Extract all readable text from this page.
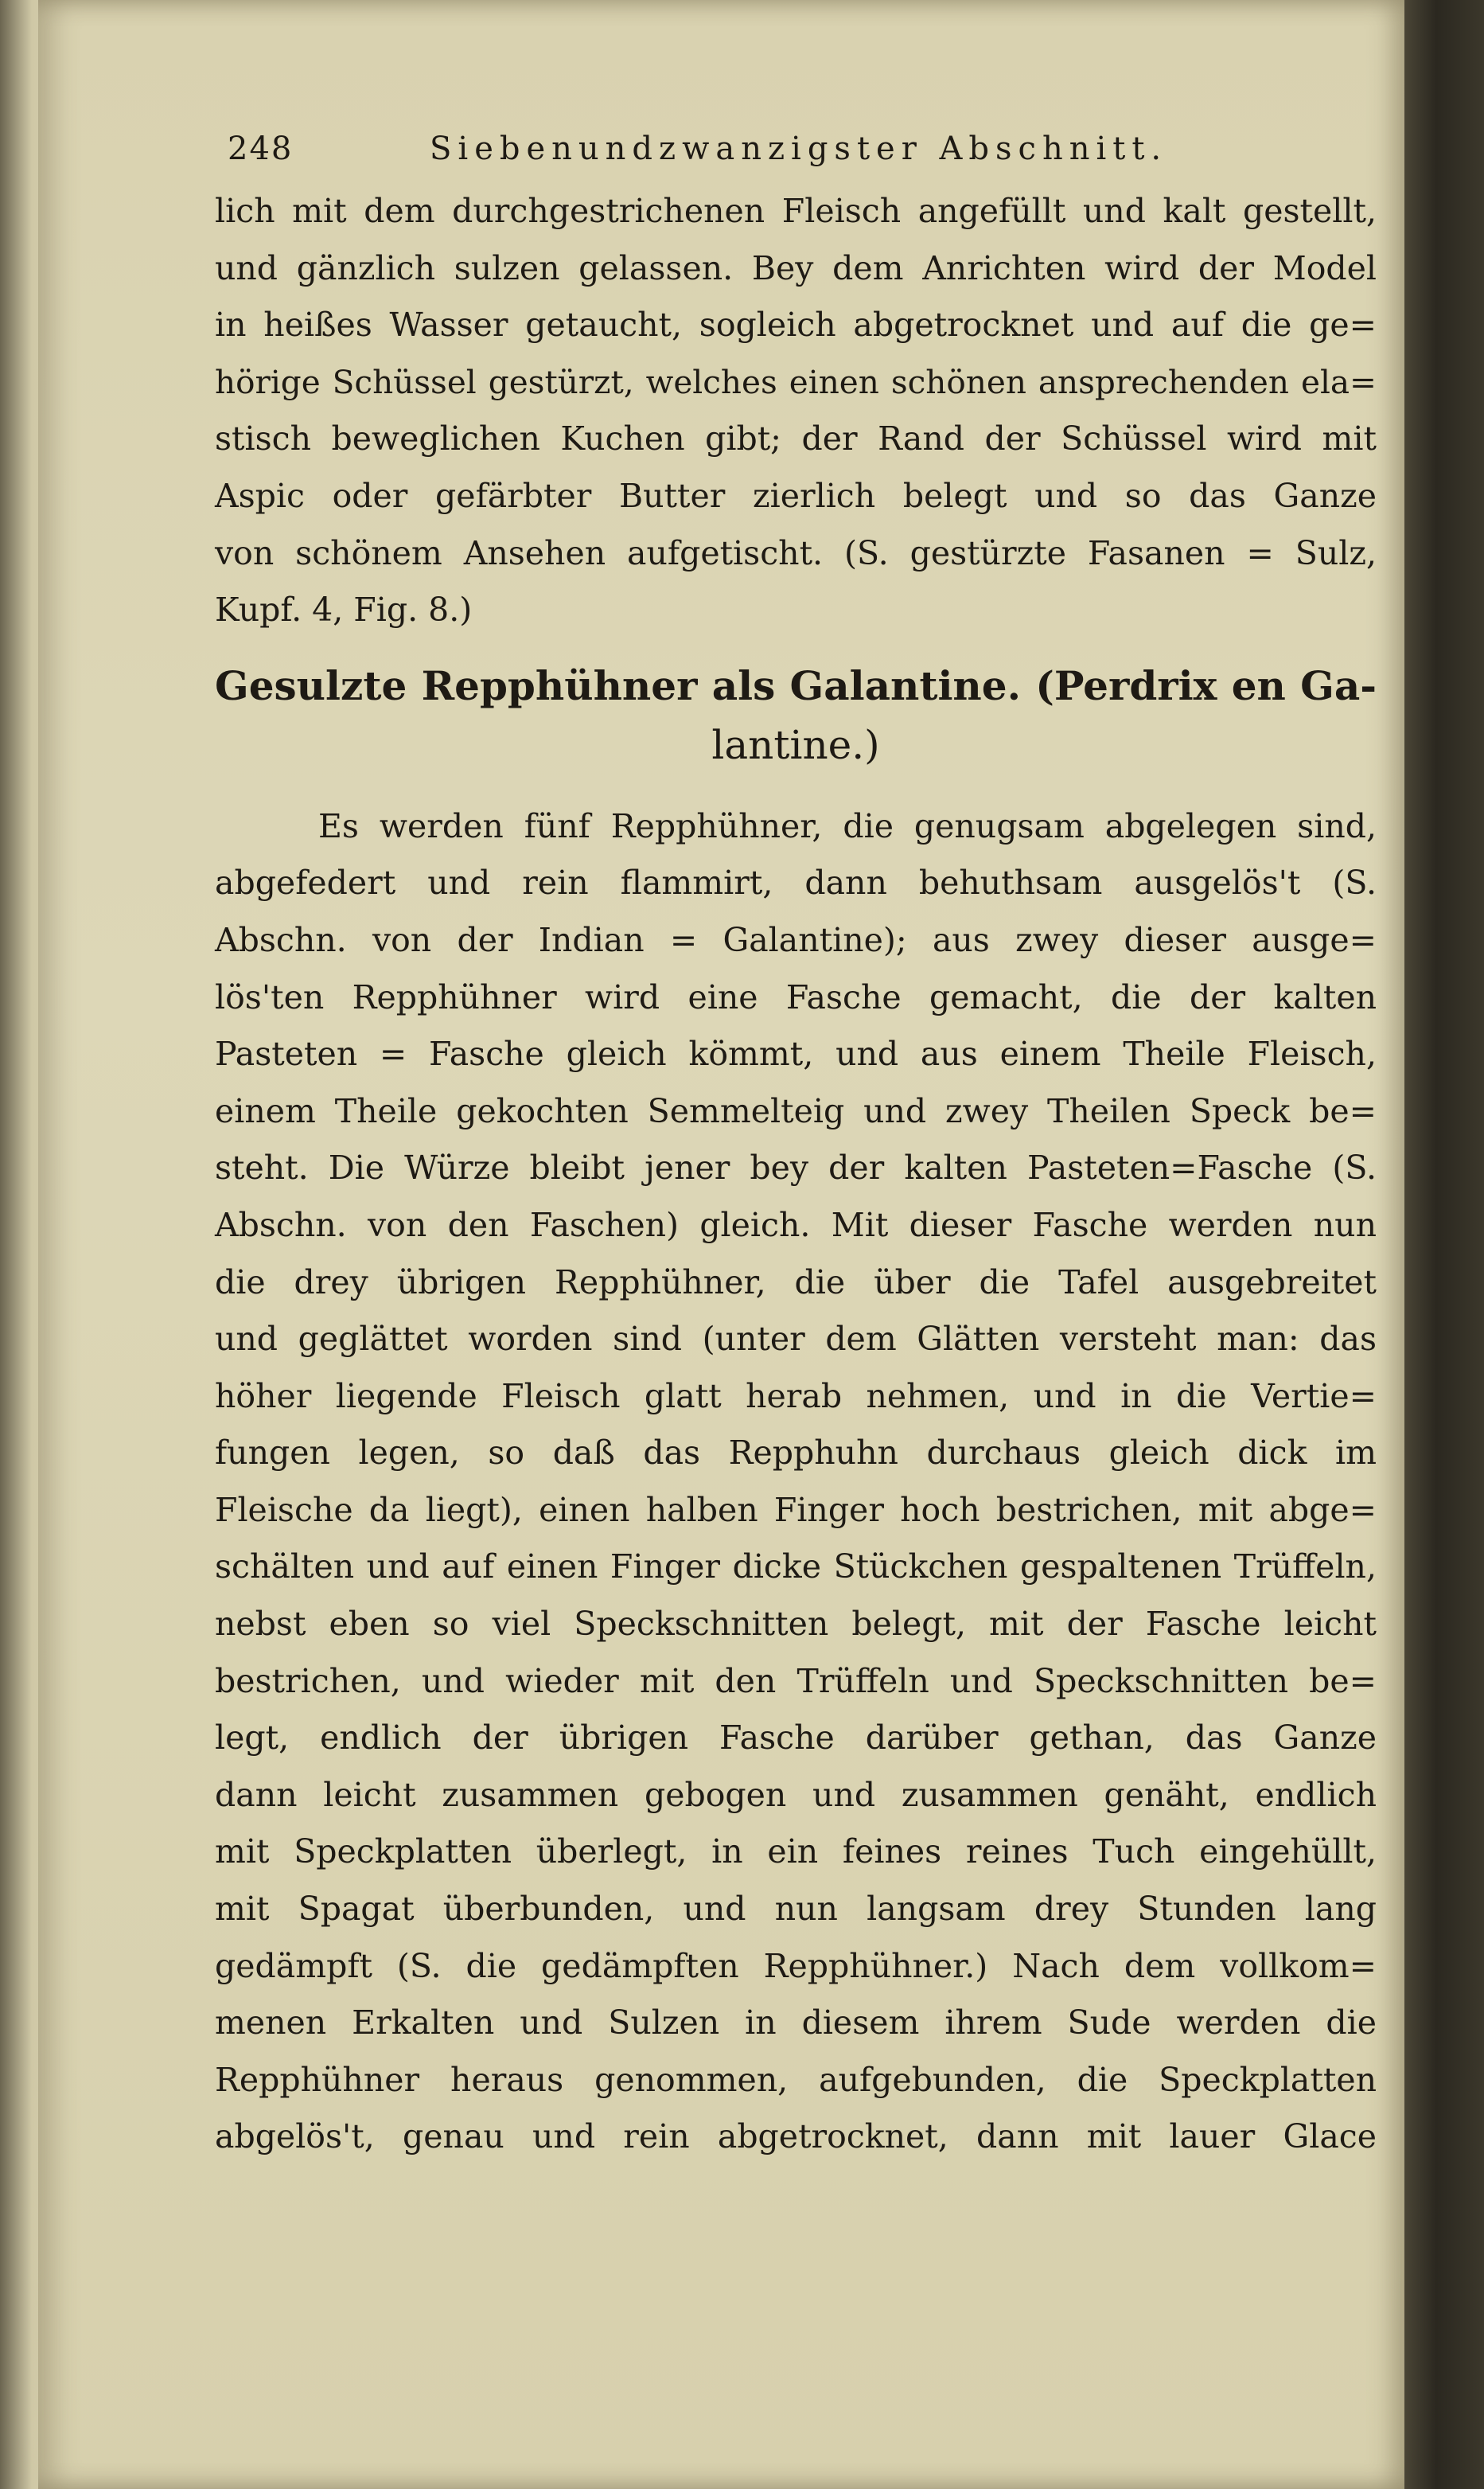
248	Siebenundzwanzigster Abschnitt.
lich mit dem durchgestrichenen Fleisch angefüllt und kalt gestellt,
und gänzlich sulzen gelassen. Bey dem Anrichten wird der Model
in heißes Wasser getaucht, sogleich abgetrocknet und auf die ge=
hörige Schüssel gestürzt, welches einen schönen ansprechenden ela=
stisch beweglichen Kuchen gibt; der Rand der Schüssel wird mit
Aspic oder gefärbter Butter zierlich belegt und so das Ganze
von schönem Ansehen aufgetischt. (S. gestürzte Fasanen = Sulz,
Kupf. 4, Fig. 8.)
Gesulzte Repphühner als Galantine. (Perdrix en Ga-
lantine.)
Es werden fünf Repphühner, die genugsam abgelegen sind,
abgefedert und rein flammirt, dann behuthsam ausgelös't (S.
Abschn. von der Indian = Galantine); aus zwey dieser ausge=
lös'ten Repphühner wird eine Fasche gemacht, die der kalten
Pasteten = Fasche gleich kömmt, und aus einem Theile Fleisch,
einem Theile gekochten Semmelteig und zwey Theilen Speck be=
steht. Die Würze bleibt jener bey der kalten Pasteten=Fasche (S.
Abschn. von den Faschen) gleich. Mit dieser Fasche werden nun
die drey übrigen Repphühner, die über die Tafel ausgebreitet
und geglättet worden sind (unter dem Glätten versteht man: das
höher liegende Fleisch glatt herab nehmen, und in die Vertie=
fungen legen, so daß das Repphuhn durchaus gleich dick im
Fleische da liegt), einen halben Finger hoch bestrichen, mit abge=
schälten und auf einen Finger dicke Stückchen gespaltenen Trüffeln,
nebst eben so viel Speckschnitten belegt, mit der Fasche leicht
bestrichen, und wieder mit den Trüffeln und Speckschnitten be=
legt, endlich der übrigen Fasche darüber gethan, das Ganze
dann leicht zusammen gebogen und zusammen genäht, endlich
mit Speckplatten überlegt, in ein feines reines Tuch eingehüllt,
mit Spagat überbunden, und nun langsam drey Stunden lang
gedämpft (S. die gedämpften Repphühner.) Nach dem vollkom=
menen Erkalten und Sulzen in diesem ihrem Sude werden die
Repphühner heraus genommen, aufgebunden, die Speckplatten
abgelös't, genau und rein abgetrocknet, dann mit lauer Glace
